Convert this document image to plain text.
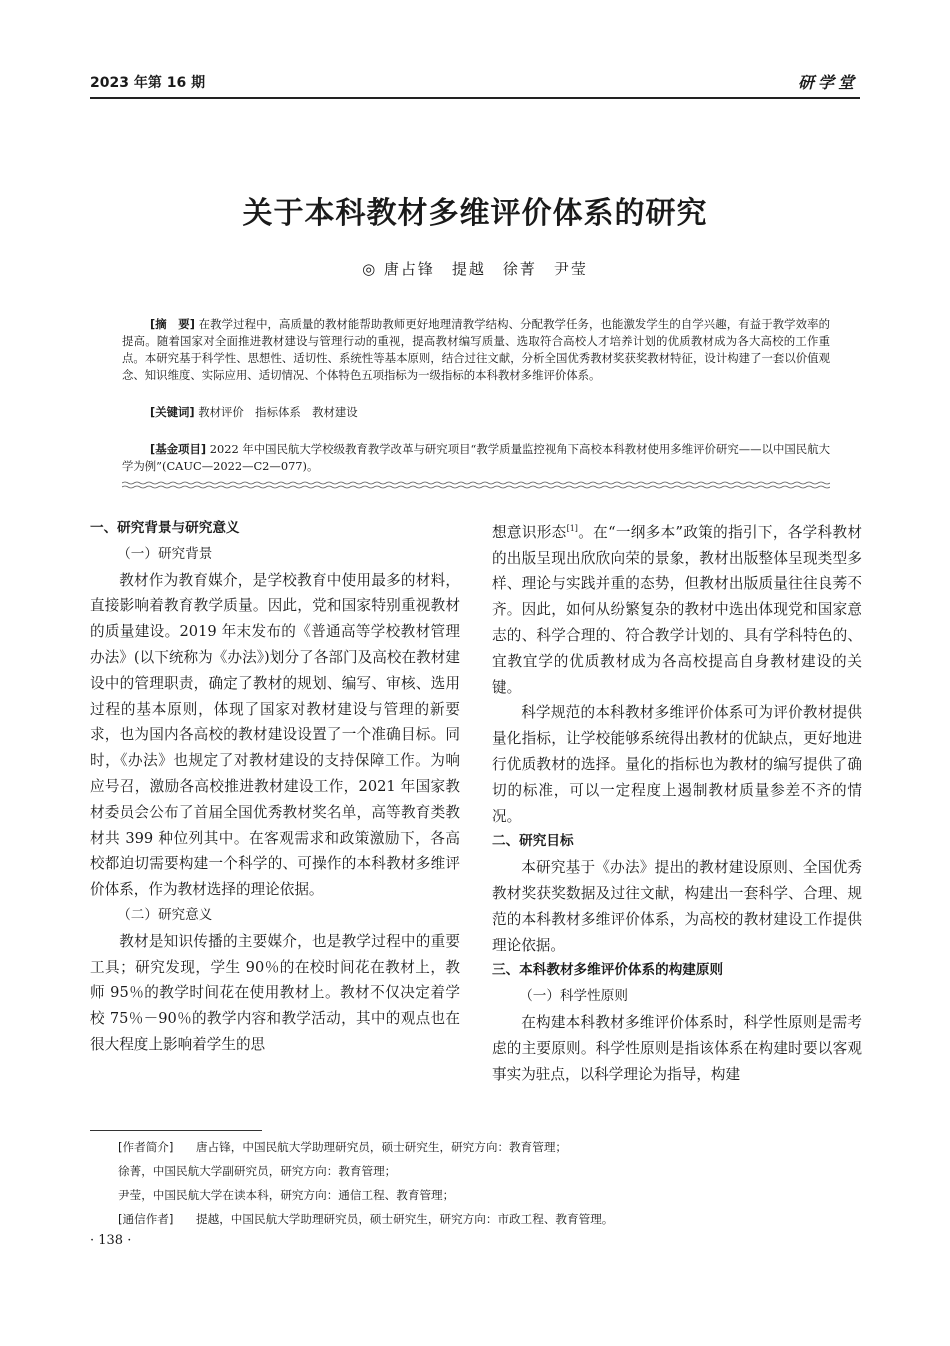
2023 年第 16 期	研学堂
关于本科教材多维评价体系的研究
◎ 唐占锋　提越　徐菁　尹莹
[摘　要] 在教学过程中，高质量的教材能帮助教师更好地理清教学结构、分配教学任务，也能激发学生的自学兴趣，有益于教学效率的提高。随着国家对全面推进教材建设与管理行动的重视，提高教材编写质量、选取符合高校人才培养计划的优质教材成为各大高校的工作重点。本研究基于科学性、思想性、适切性、系统性等基本原则，结合过往文献，分析全国优秀教材奖获奖教材特征，设计构建了一套以价值观念、知识维度、实际应用、适切情况、个体特色五项指标为一级指标的本科教材多维评价体系。
[关键词] 教材评价　指标体系　教材建设
[基金项目] 2022 年中国民航大学校级教育教学改革与研究项目“教学质量监控视角下高校本科教材使用多维评价研究——以中国民航大学为例”(CAUC—2022—C2—077)。
一、研究背景与研究意义
（一）研究背景

教材作为教育媒介，是学校教育中使用最多的材料，直接影响着教育教学质量。因此，党和国家特别重视教材的质量建设。2019 年末发布的《普通高等学校教材管理办法》(以下统称为《办法》)划分了各部门及高校在教材建设中的管理职责，确定了教材的规划、编写、审核、选用过程的基本原则，体现了国家对教材建设与管理的新要求，也为国内各高校的教材建设设置了一个准确目标。同时，《办法》也规定了对教材建设的支持保障工作。为响应号召，激励各高校推进教材建设工作，2021 年国家教材委员会公布了首届全国优秀教材奖名单，高等教育类教材共 399 种位列其中。在客观需求和政策激励下，各高校都迫切需要构建一个科学的、可操作的本科教材多维评价体系，作为教材选择的理论依据。

（二）研究意义

教材是知识传播的主要媒介，也是教学过程中的重要工具；研究发现，学生 90％的在校时间花在教材上，教师 95％的教学时间花在使用教材上。教材不仅决定着学校 75％－90％的教学内容和教学活动，其中的观点也在很大程度上影响着学生的思

想意识形态[1]。在“一纲多本”政策的指引下，各学科教材的出版呈现出欣欣向荣的景象，教材出版整体呈现类型多样、理论与实践并重的态势，但教材出版质量往往良莠不齐。因此，如何从纷繁复杂的教材中选出体现党和国家意志的、科学合理的、符合教学计划的、具有学科特色的、宜教宜学的优质教材成为各高校提高自身教材建设的关键。

科学规范的本科教材多维评价体系可为评价教材提供量化指标，让学校能够系统得出教材的优缺点，更好地进行优质教材的选择。量化的指标也为教材的编写提供了确切的标准，可以一定程度上遏制教材质量参差不齐的情况。

二、研究目标

本研究基于《办法》提出的教材建设原则、全国优秀教材奖获奖数据及过往文献，构建出一套科学、合理、规范的本科教材多维评价体系，为高校的教材建设工作提供理论依据。

三、本科教材多维评价体系的构建原则
（一）科学性原则

在构建本科教材多维评价体系时，科学性原则是需考虑的主要原则。科学性原则是指该体系在构建时要以客观事实为驻点，以科学理论为指导，构建

[作者简介] 唐占锋，中国民航大学助理研究员，硕士研究生，研究方向：教育管理；
徐菁，中国民航大学副研究员，研究方向：教育管理；
尹莹，中国民航大学在读本科，研究方向：通信工程、教育管理；
[通信作者] 提越，中国民航大学助理研究员，硕士研究生，研究方向：市政工程、教育管理。
· 138 ·
